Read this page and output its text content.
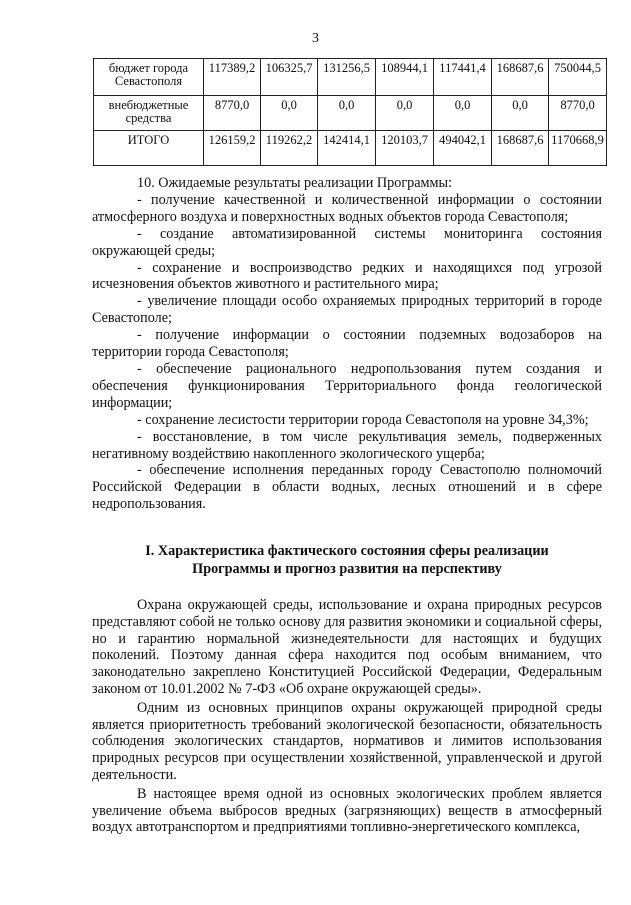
3
бюджет города Севастополя	117389,2	106325,7	131256,5	108944,1	117441,4	168687,6	750044,5
внебюджетные средства	8770,0	0,0	0,0	0,0	0,0	0,0	8770,0
ИТОГО	126159,2	119262,2	142414,1	120103,7	494042,1	168687,6	1170668,9

10. Ожидаемые результаты реализации Программы:

- получение качественной и количественной информации о состоянии атмосферного воздуха и поверхностных водных объектов города Севастополя;

- создание автоматизированной системы мониторинга состояния окружающей среды;

- сохранение и воспроизводство редких и находящихся под угрозой исчезновения объектов животного и растительного мира;

- увеличение площади особо охраняемых природных территорий в городе Севастополе;

- получение информации о состоянии подземных водозаборов на территории города Севастополя;

- обеспечение рационального недропользования путем создания и обеспечения функционирования Территориального фонда геологической информации;

- сохранение лесистости территории города Севастополя на уровне 34,3%;

- восстановление, в том числе рекультивация земель, подверженных негативному воздействию накопленного экологического ущерба;

- обеспечение исполнения переданных городу Севастополю полномочий Российской Федерации в области водных, лесных отношений и в сфере недропользования.

I. Характеристика фактического состояния сферы реализации
Программы и прогноз развития на перспективу

Охрана окружающей среды, использование и охрана природных ресурсов представляют собой не только основу для развития экономики и социальной сферы, но и гарантию нормальной жизнедеятельности для настоящих и будущих поколений. Поэтому данная сфера находится под особым вниманием, что законодательно закреплено Конституцией Российской Федерации, Федеральным законом от 10.01.2002 № 7-ФЗ «Об охране окружающей среды».

Одним из основных принципов охраны окружающей природной среды является приоритетность требований экологической безопасности, обязательность соблюдения экологических стандартов, нормативов и лимитов использования природных ресурсов при осуществлении хозяйственной, управленческой и другой деятельности.

В настоящее время одной из основных экологических проблем является увеличение объема выбросов вредных (загрязняющих) веществ в атмосферный воздух автотранспортом и предприятиями топливно-энергетического комплекса,
